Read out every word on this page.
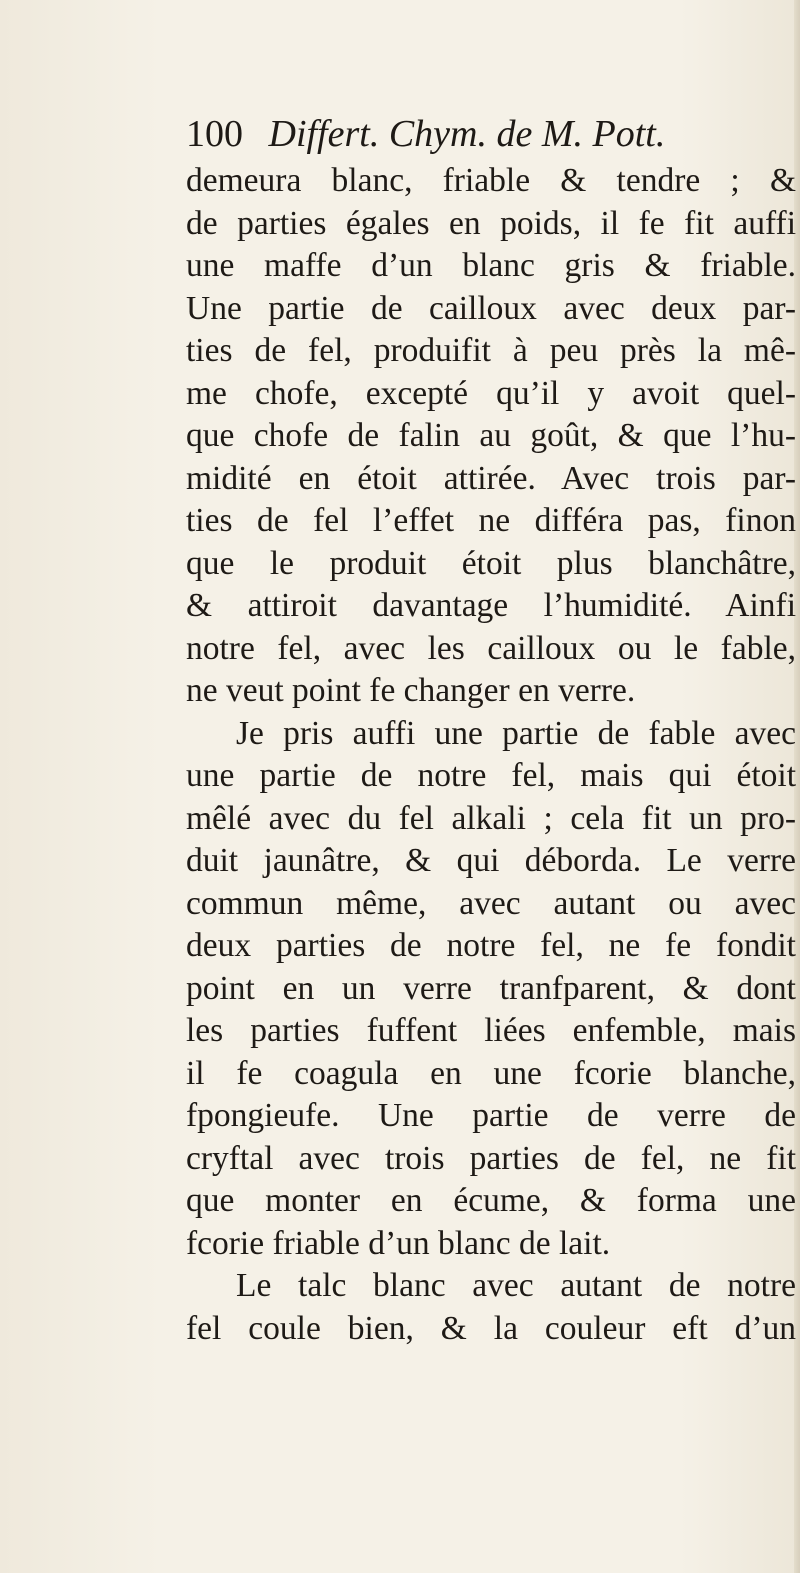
100 Differt. Chym. de M. Pott.
demeura blanc, friable & tendre ; &
de parties égales en poids, il fe fit auffi
une maffe d’un blanc gris & friable.
Une partie de cailloux avec deux par-
ties de fel, produifit à peu près la mê-
me chofe, excepté qu’il y avoit quel-
que chofe de falin au goût, & que l’hu-
midité en étoit attirée. Avec trois par-
ties de fel l’effet ne différa pas, finon
que le produit étoit plus blanchâtre,
& attiroit davantage l’humidité. Ainfi
notre fel, avec les cailloux ou le fable,
ne veut point fe changer en verre.
Je pris auffi une partie de fable avec
une partie de notre fel, mais qui étoit
mêlé avec du fel alkali ; cela fit un pro-
duit jaunâtre, & qui déborda. Le verre
commun même, avec autant ou avec
deux parties de notre fel, ne fe fondit
point en un verre tranfparent, & dont
les parties fuffent liées enfemble, mais
il fe coagula en une fcorie blanche,
fpongieufe. Une partie de verre de
cryftal avec trois parties de fel, ne fit
que monter en écume, & forma une
fcorie friable d’un blanc de lait.
Le talc blanc avec autant de notre
fel coule bien, & la couleur eft d’un
